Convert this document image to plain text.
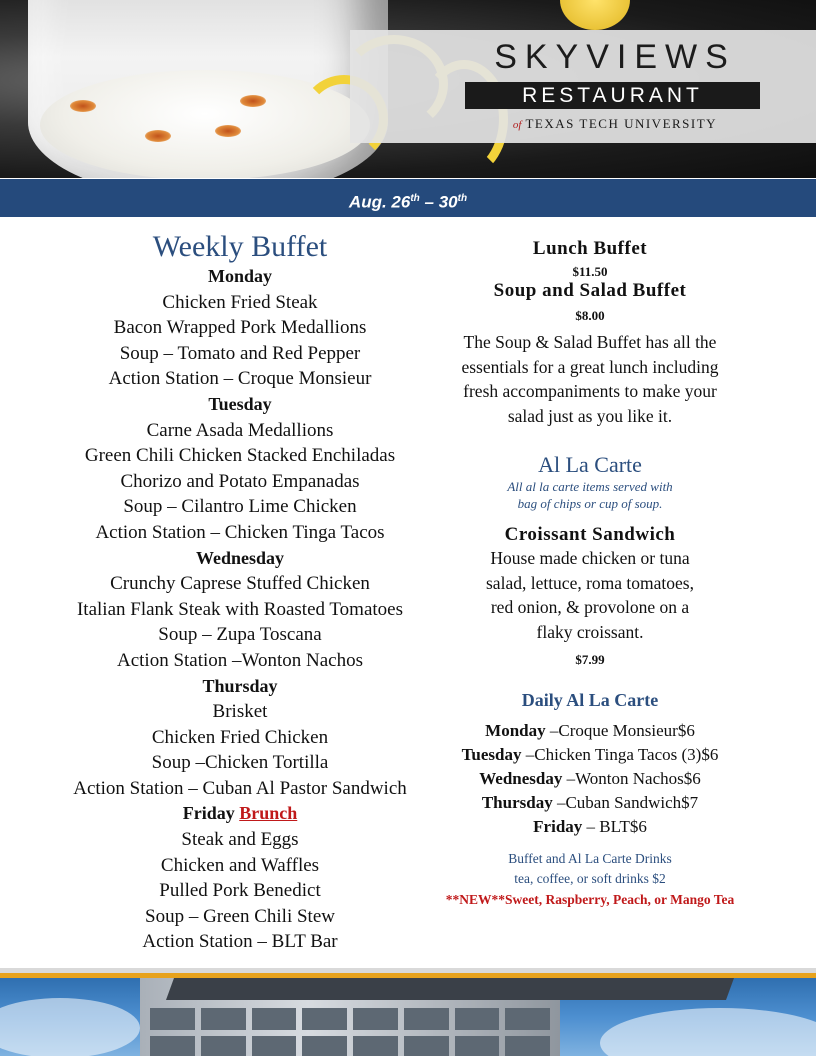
SKYVIEWS
RESTAURANT
of TEXAS TECH UNIVERSITY
Aug. 26th – 30th
Weekly Buffet
Monday
Chicken Fried Steak
Bacon Wrapped Pork Medallions
Soup – Tomato and Red Pepper
Action Station – Croque Monsieur
Tuesday
Carne Asada Medallions
Green Chili Chicken Stacked Enchiladas
Chorizo and Potato Empanadas
Soup – Cilantro Lime Chicken
Action Station – Chicken Tinga Tacos
Wednesday
Crunchy Caprese Stuffed Chicken
Italian Flank Steak with Roasted Tomatoes
Soup – Zupa Toscana
Action Station –Wonton Nachos
Thursday
Brisket
Chicken Fried Chicken
Soup –Chicken Tortilla
Action Station – Cuban Al Pastor Sandwich
Friday Brunch
Steak and Eggs
Chicken and Waffles
Pulled Pork Benedict
Soup – Green Chili Stew
Action Station – BLT Bar
Lunch Buffet
$11.50
Soup and Salad Buffet
$8.00
The Soup & Salad Buffet has all the
essentials for a great lunch including
fresh accompaniments to make your
salad just as you like it.
Al La Carte
All al la carte items served with
bag of chips or cup of soup.
Croissant Sandwich
House made chicken or tuna
salad, lettuce, roma tomatoes,
red onion, & provolone on a
flaky croissant.
$7.99
Daily Al La Carte
Monday –Croque Monsieur$6
Tuesday –Chicken Tinga Tacos (3)$6
Wednesday –Wonton Nachos$6
Thursday –Cuban Sandwich$7
Friday – BLT$6
Buffet and Al La Carte Drinks
tea, coffee, or soft drinks $2
**NEW**Sweet, Raspberry, Peach, or Mango Tea
